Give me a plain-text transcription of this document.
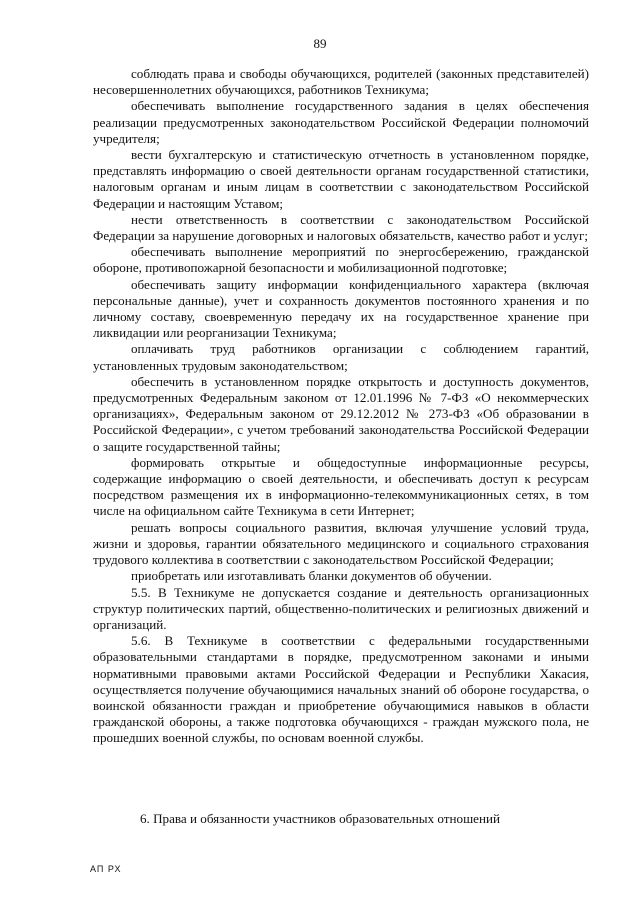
89

соблюдать права и свободы обучающихся, родителей (законных представителей) несовершеннолетних обучающихся, работников Техникума;

обеспечивать выполнение государственного задания в целях обеспечения реализации предусмотренных законодательством Российской Федерации полномочий учредителя;

вести бухгалтерскую и статистическую отчетность в установленном порядке, представлять информацию о своей деятельности органам государственной статистики, налоговым органам и иным лицам в соответствии с законодательством Российской Федерации и настоящим Уставом;

нести ответственность в соответствии с законодательством Российской Федерации за нарушение договорных и налоговых обязательств, качество работ и услуг;

обеспечивать выполнение мероприятий по энергосбережению, гражданской обороне, противопожарной безопасности и мобилизационной подготовке;

обеспечивать защиту информации конфиденциального характера (включая персональные данные), учет и сохранность документов постоянного хранения и по личному составу, своевременную передачу их на государственное хранение при ликвидации или реорганизации Техникума;

оплачивать труд работников организации с соблюдением гарантий, установленных трудовым законодательством;

обеспечить в установленном порядке открытость и доступность документов, предусмотренных Федеральным законом от 12.01.1996 № 7-ФЗ «О некоммерческих организациях», Федеральным законом от 29.12.2012 № 273-ФЗ «Об образовании в Российской Федерации», с учетом требований законодательства Российской Федерации о защите государственной тайны;

формировать открытые и общедоступные информационные ресурсы, содержащие информацию о своей деятельности, и обеспечивать доступ к ресурсам посредством размещения их в информационно-телекоммуникационных сетях, в том числе на официальном сайте Техникума в сети Интернет;

решать вопросы социального развития, включая улучшение условий труда, жизни и здоровья, гарантии обязательного медицинского и социального страхования трудового коллектива в соответствии с законодательством Российской Федерации;

приобретать или изготавливать бланки документов об обучении.

5.5. В Техникуме не допускается создание и деятельность организационных структур политических партий, общественно-политических и религиозных движений и организаций.

5.6. В Техникуме в соответствии с федеральными государственными образовательными стандартами в порядке, предусмотренном законами и иными нормативными правовыми актами Российской Федерации и Республики Хакасия, осуществляется получение обучающимися начальных знаний об обороне государства, о воинской обязанности граждан и приобретение обучающимися навыков в области гражданской обороны, а также подготовка обучающихся - граждан мужского пола, не прошедших военной службы, по основам военной службы.

6. Права и обязанности участников образовательных отношений
АП РХ
